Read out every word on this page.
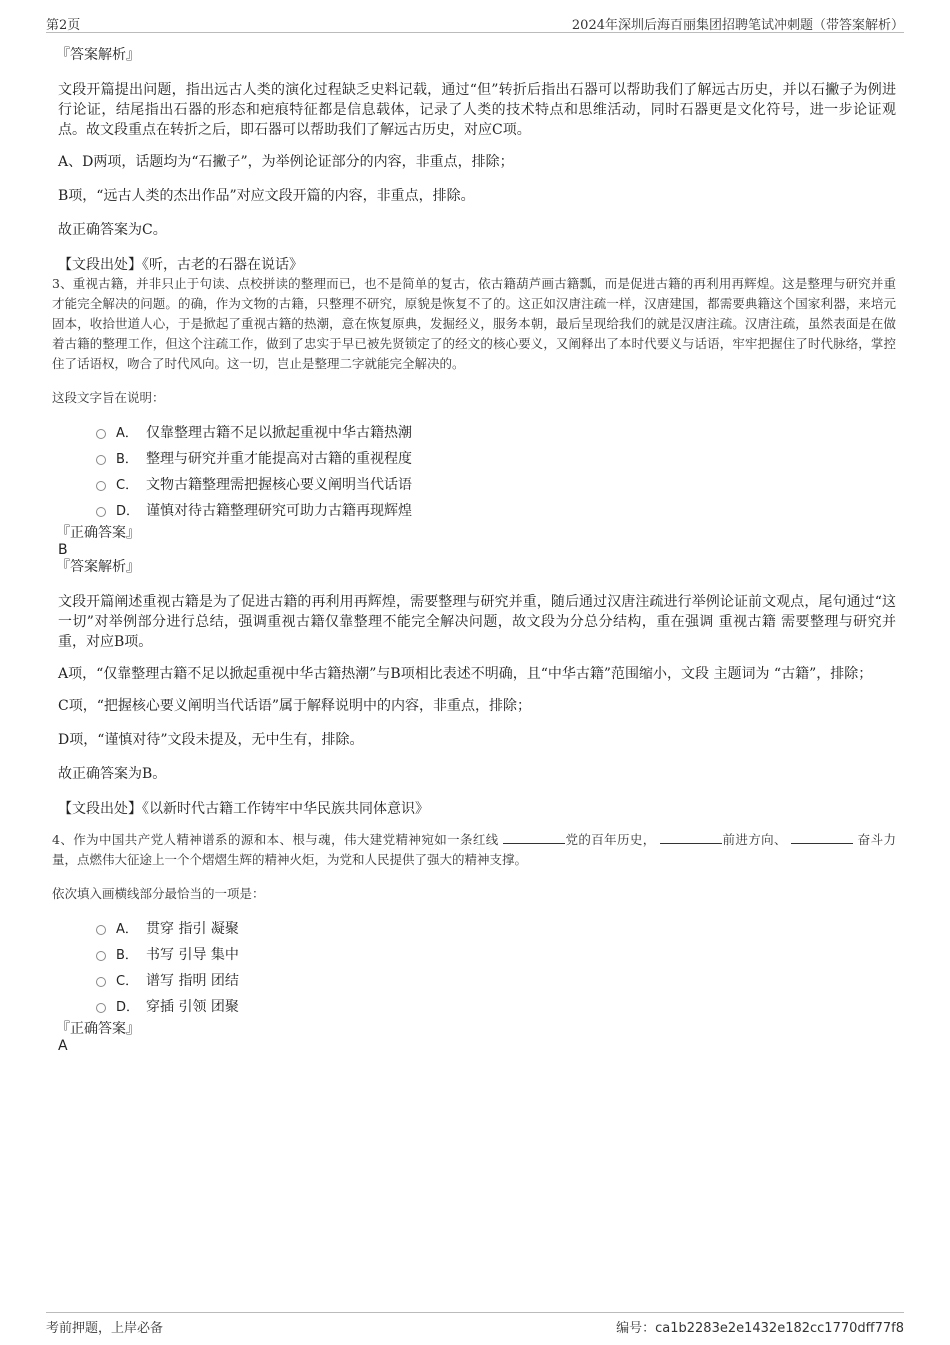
第2页	2024年深圳后海百丽集团招聘笔试冲刺题（带答案解析）

『答案解析』

文段开篇提出问题，指出远古人类的演化过程缺乏史料记载，通过“但”转折后指出石器可以帮助我们了解远古历史，并以石撇子为例进行论证，结尾指出石器的形态和疤痕特征都是信息载体，记录了人类的技术特点和思维活动，同时石器更是文化符号，进一步论证观点。故文段重点在转折之后，即石器可以帮助我们了解远古历史，对应C项。

A、D两项，话题均为“石撇子”，为举例论证部分的内容，非重点，排除；

B项，“远古人类的杰出作品”对应文段开篇的内容，非重点，排除。

故正确答案为C。

【文段出处】《听，古老的石器在说话》

3、重视古籍，并非只止于句读、点校拼读的整理而已，也不是简单的复古，依古籍葫芦画古籍瓢，而是促进古籍的再利用再辉煌。这是整理与研究并重才能完全解决的问题。的确，作为文物的古籍，只整理不研究，原貌是恢复不了的。这正如汉唐注疏一样，汉唐建国，都需要典籍这个国家利器，来培元固本，收拾世道人心，于是掀起了重视古籍的热潮，意在恢复原典，发掘经义，服务本朝，最后呈现给我们的就是汉唐注疏。汉唐注疏，虽然表面是在做着古籍的整理工作，但这个注疏工作，做到了忠实于早已被先贤锁定了的经文的核心要义，又阐释出了本时代要义与话语，牢牢把握住了时代脉络，掌控住了话语权，吻合了时代风向。这一切，岂止是整理二字就能完全解决的。

这段文字旨在说明：

A． 仅靠整理古籍不足以掀起重视中华古籍热潮
B． 整理与研究并重才能提高对古籍的重视程度
C． 文物古籍整理需把握核心要义阐明当代话语
D． 谨慎对待古籍整理研究可助力古籍再现辉煌

『正确答案』

B

『答案解析』

文段开篇阐述重视古籍是为了促进古籍的再利用再辉煌，需要整理与研究并重，随后通过汉唐注疏进行举例论证前文观点，尾句通过“这一切”对举例部分进行总结，强调重视古籍仅靠整理不能完全解决问题，故文段为分总分结构，重在强调 重视古籍 需要整理与研究并重，对应B项。

A项，“仅靠整理古籍不足以掀起重视中华古籍热潮”与B项相比表述不明确，且“中华古籍”范围缩小，文段 主题词为 “古籍”，排除；

C项，“把握核心要义阐明当代话语”属于解释说明中的内容，非重点，排除；

D项，“谨慎对待”文段未提及，无中生有，排除。

故正确答案为B。

【文段出处】《以新时代古籍工作铸牢中华民族共同体意识》

4、作为中国共产党人精神谱系的源和本、根与魂，伟大建党精神宛如一条红线	党的百年历史，	前进方向、	奋斗力量，点燃伟大征途上一个个熠熠生辉的精神火炬，为党和人民提供了强大的精神支撑。

依次填入画横线部分最恰当的一项是：

A． 贯穿 指引 凝聚
B． 书写 引导 集中
C． 谱写 指明 团结
D． 穿插 引领 团聚

『正确答案』

A

考前押题，上岸必备	编号：ca1b2283e2e1432e182cc1770dff77f8
